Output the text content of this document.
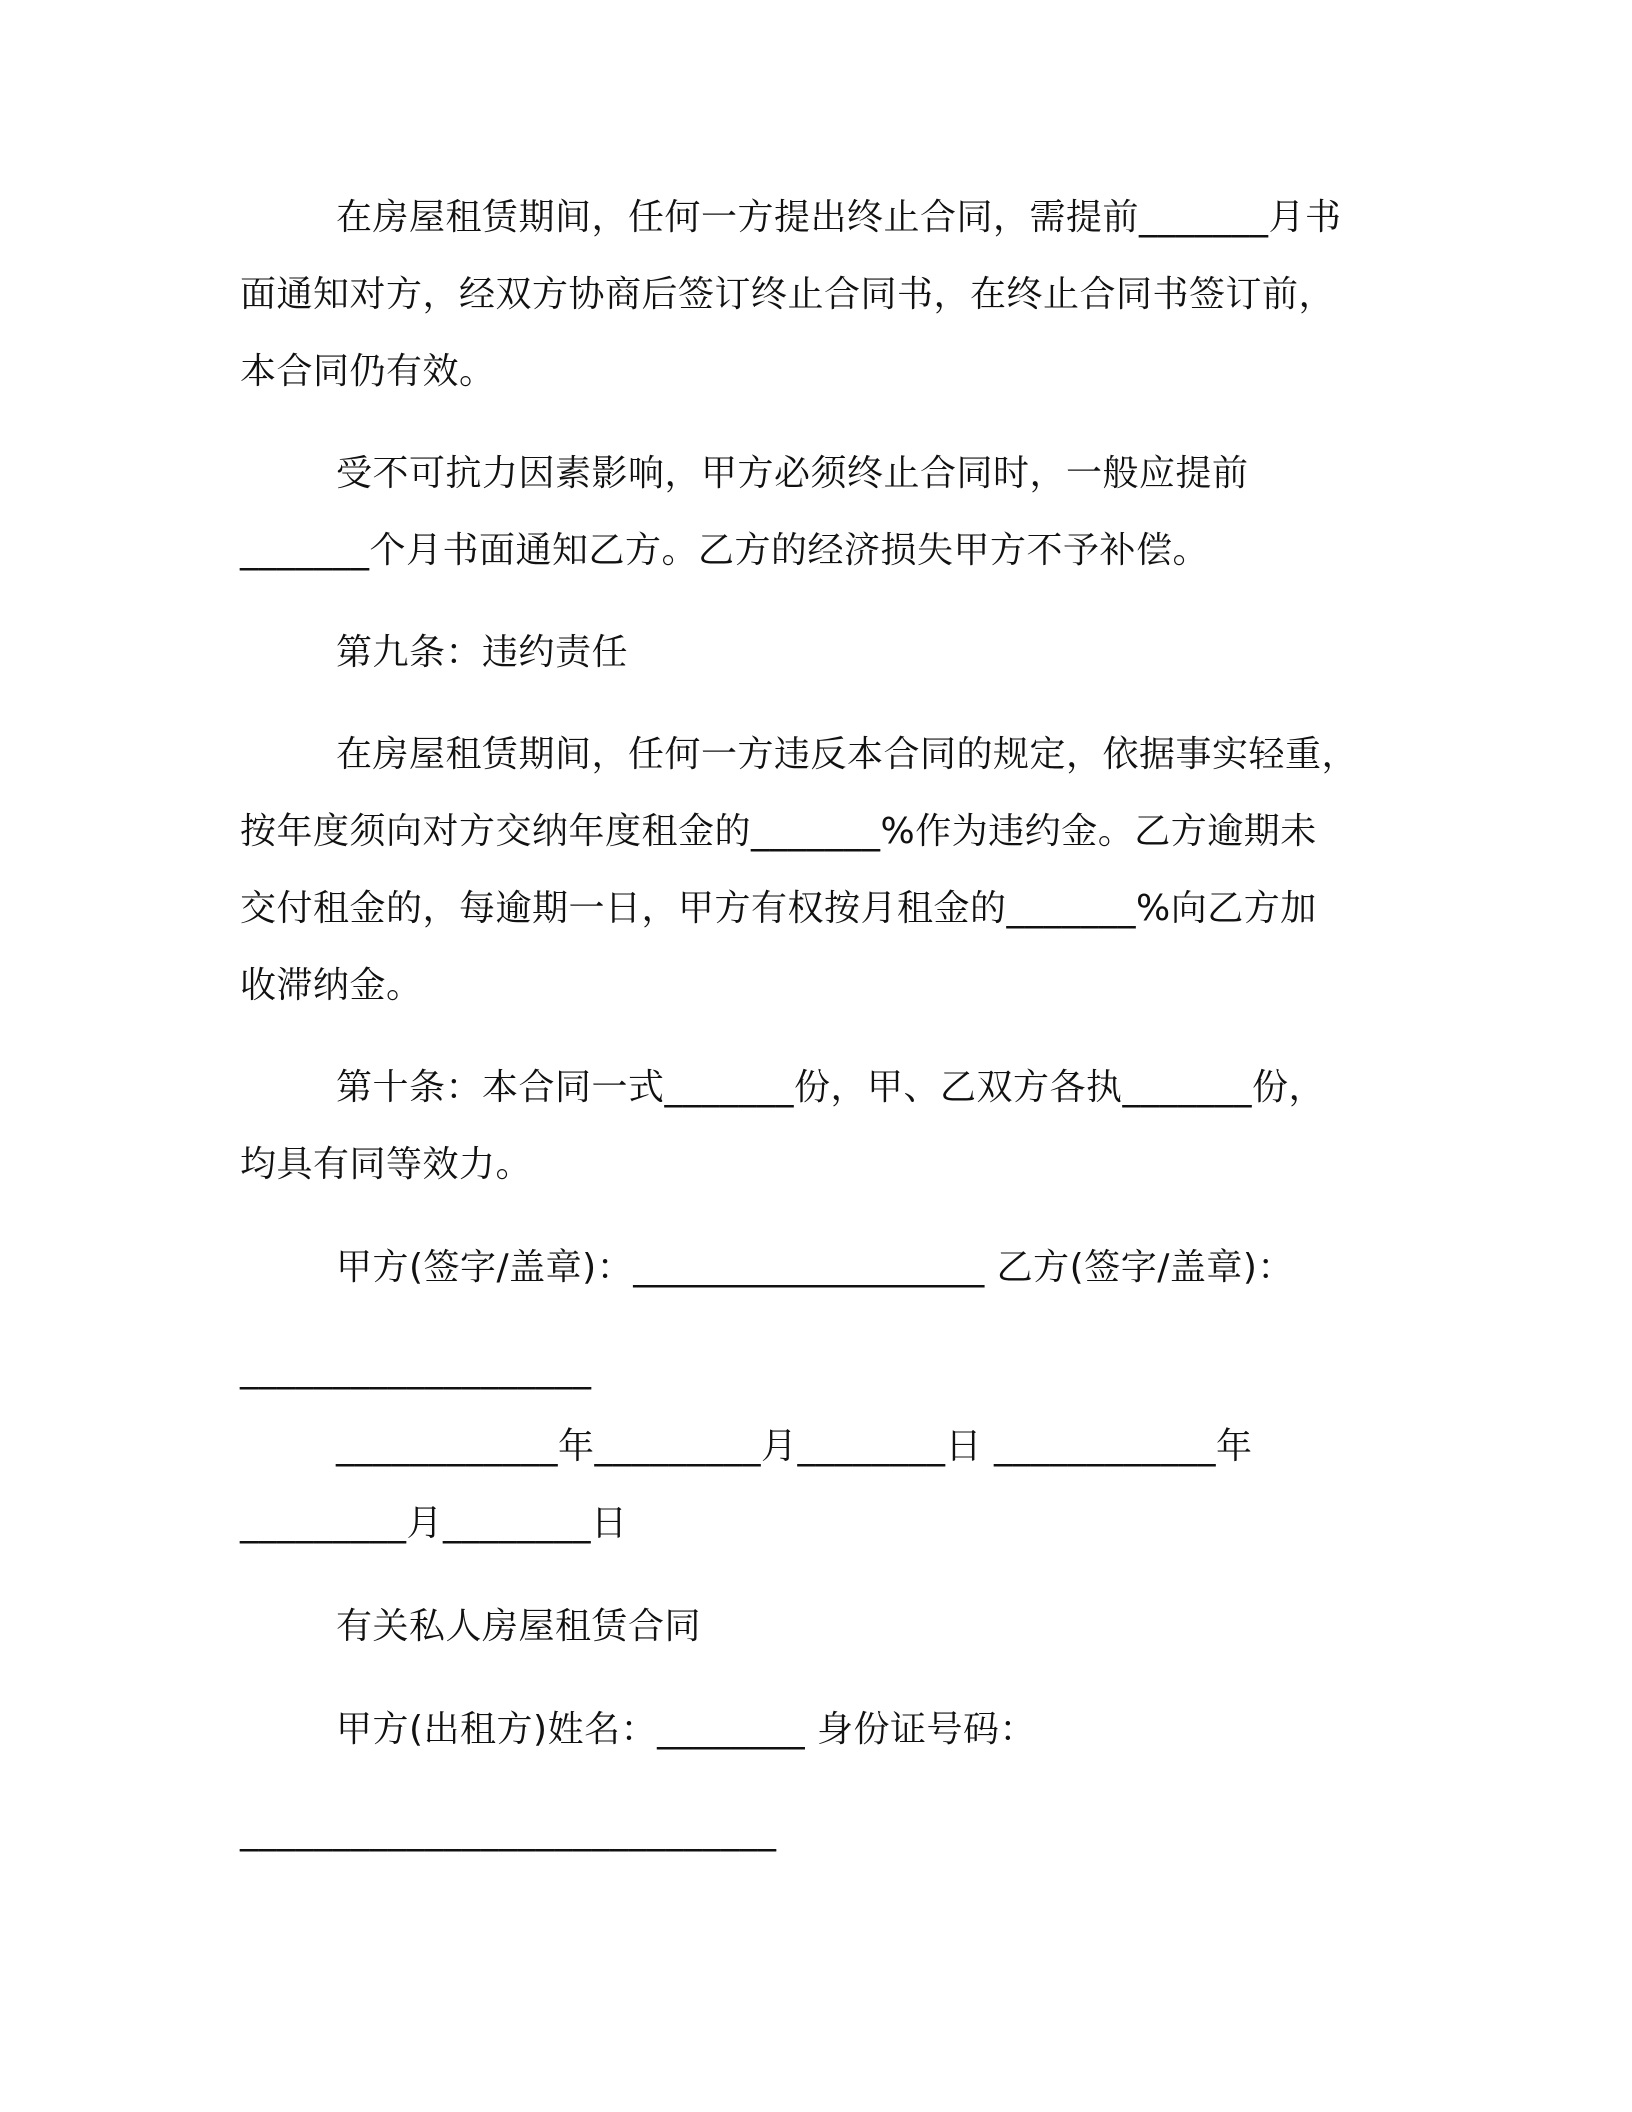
在房屋租赁期间，任何一方提出终止合同，需提前_______月书
面通知对方，经双方协商后签订终止合同书，在终止合同书签订前，
本合同仍有效。
受不可抗力因素影响，甲方必须终止合同时，一般应提前
_______个月书面通知乙方。乙方的经济损失甲方不予补偿。
第九条：违约责任
在房屋租赁期间，任何一方违反本合同的规定，依据事实轻重，
按年度须向对方交纳年度租金的_______%作为违约金。乙方逾期未
交付租金的，每逾期一日，甲方有权按月租金的_______%向乙方加
收滞纳金。
第十条：本合同一式_______份，甲、乙双方各执_______份，
均具有同等效力。
甲方(签字/盖章)：___________________ 乙方(签字/盖章)：
___________________
____________年_________月________日 ____________年
_________月________日
有关私人房屋租赁合同
甲方(出租方)姓名：________ 身份证号码：
_____________________________
